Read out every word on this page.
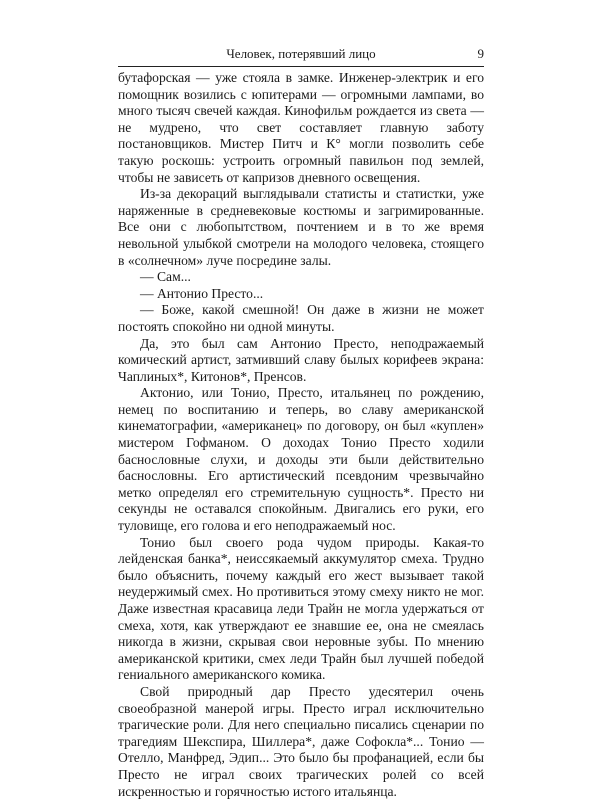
Человек, потерявший лицо	9

бутафорская — уже стояла в замке. Инженер-электрик и его помощник возились с юпитерами — огромными лампами, во много тысяч свечей каждая. Кинофильм рождается из света — не мудрено, что свет составляет главную заботу постановщиков. Мистер Питч и К° могли позволить себе такую роскошь: устроить огромный павильон под землей, чтобы не зависеть от капризов дневного освещения.

Из-за декораций выглядывали статисты и статистки, уже наряженные в средневековые костюмы и загримированные. Все они с любопытством, почтением и в то же время невольной улыбкой смотрели на молодого человека, стоящего в «солнечном» луче посредине залы.

— Сам...

— Антонио Престо...

— Боже, какой смешной! Он даже в жизни не может постоять спокойно ни одной минуты.

Да, это был сам Антонио Престо, неподражаемый комический артист, затмивший славу былых корифеев экрана: Чаплиных*, Китонов*, Пренсов.

Актонио, или Тонио, Престо, итальянец по рождению, немец по воспитанию и теперь, во славу американской кинематографии, «американец» по договору, он был «куплен» мистером Гофманом. О доходах Тонио Престо ходили баснословные слухи, и доходы эти были действительно баснословны. Его артистический псевдоним чрезвычайно метко определял его стремительную сущность*. Престо ни секунды не оставался спокойным. Двигались его руки, его туловище, его голова и его неподражаемый нос.

Тонио был своего рода чудом природы. Какая-то лейденская банка*, неиссякаемый аккумулятор смеха. Трудно было объяснить, почему каждый его жест вызывает такой неудержимый смех. Но противиться этому смеху никто не мог. Даже известная красавица леди Трайн не могла удержаться от смеха, хотя, как утверждают ее знавшие ее, она не смеялась никогда в жизни, скрывая свои неровные зубы. По мнению американской критики, смех леди Трайн был лучшей победой гениального американского комика.

Свой природный дар Престо удесятерил очень своеобразной манерой игры. Престо играл исключительно трагические роли. Для него специально писались сценарии по трагедиям Шекспира, Шиллера*, даже Софокла*... Тонио — Отелло, Манфред, Эдип... Это было бы профанацией, если бы Престо не играл своих трагических ролей со всей искренностью и горячностью истого итальянца.
